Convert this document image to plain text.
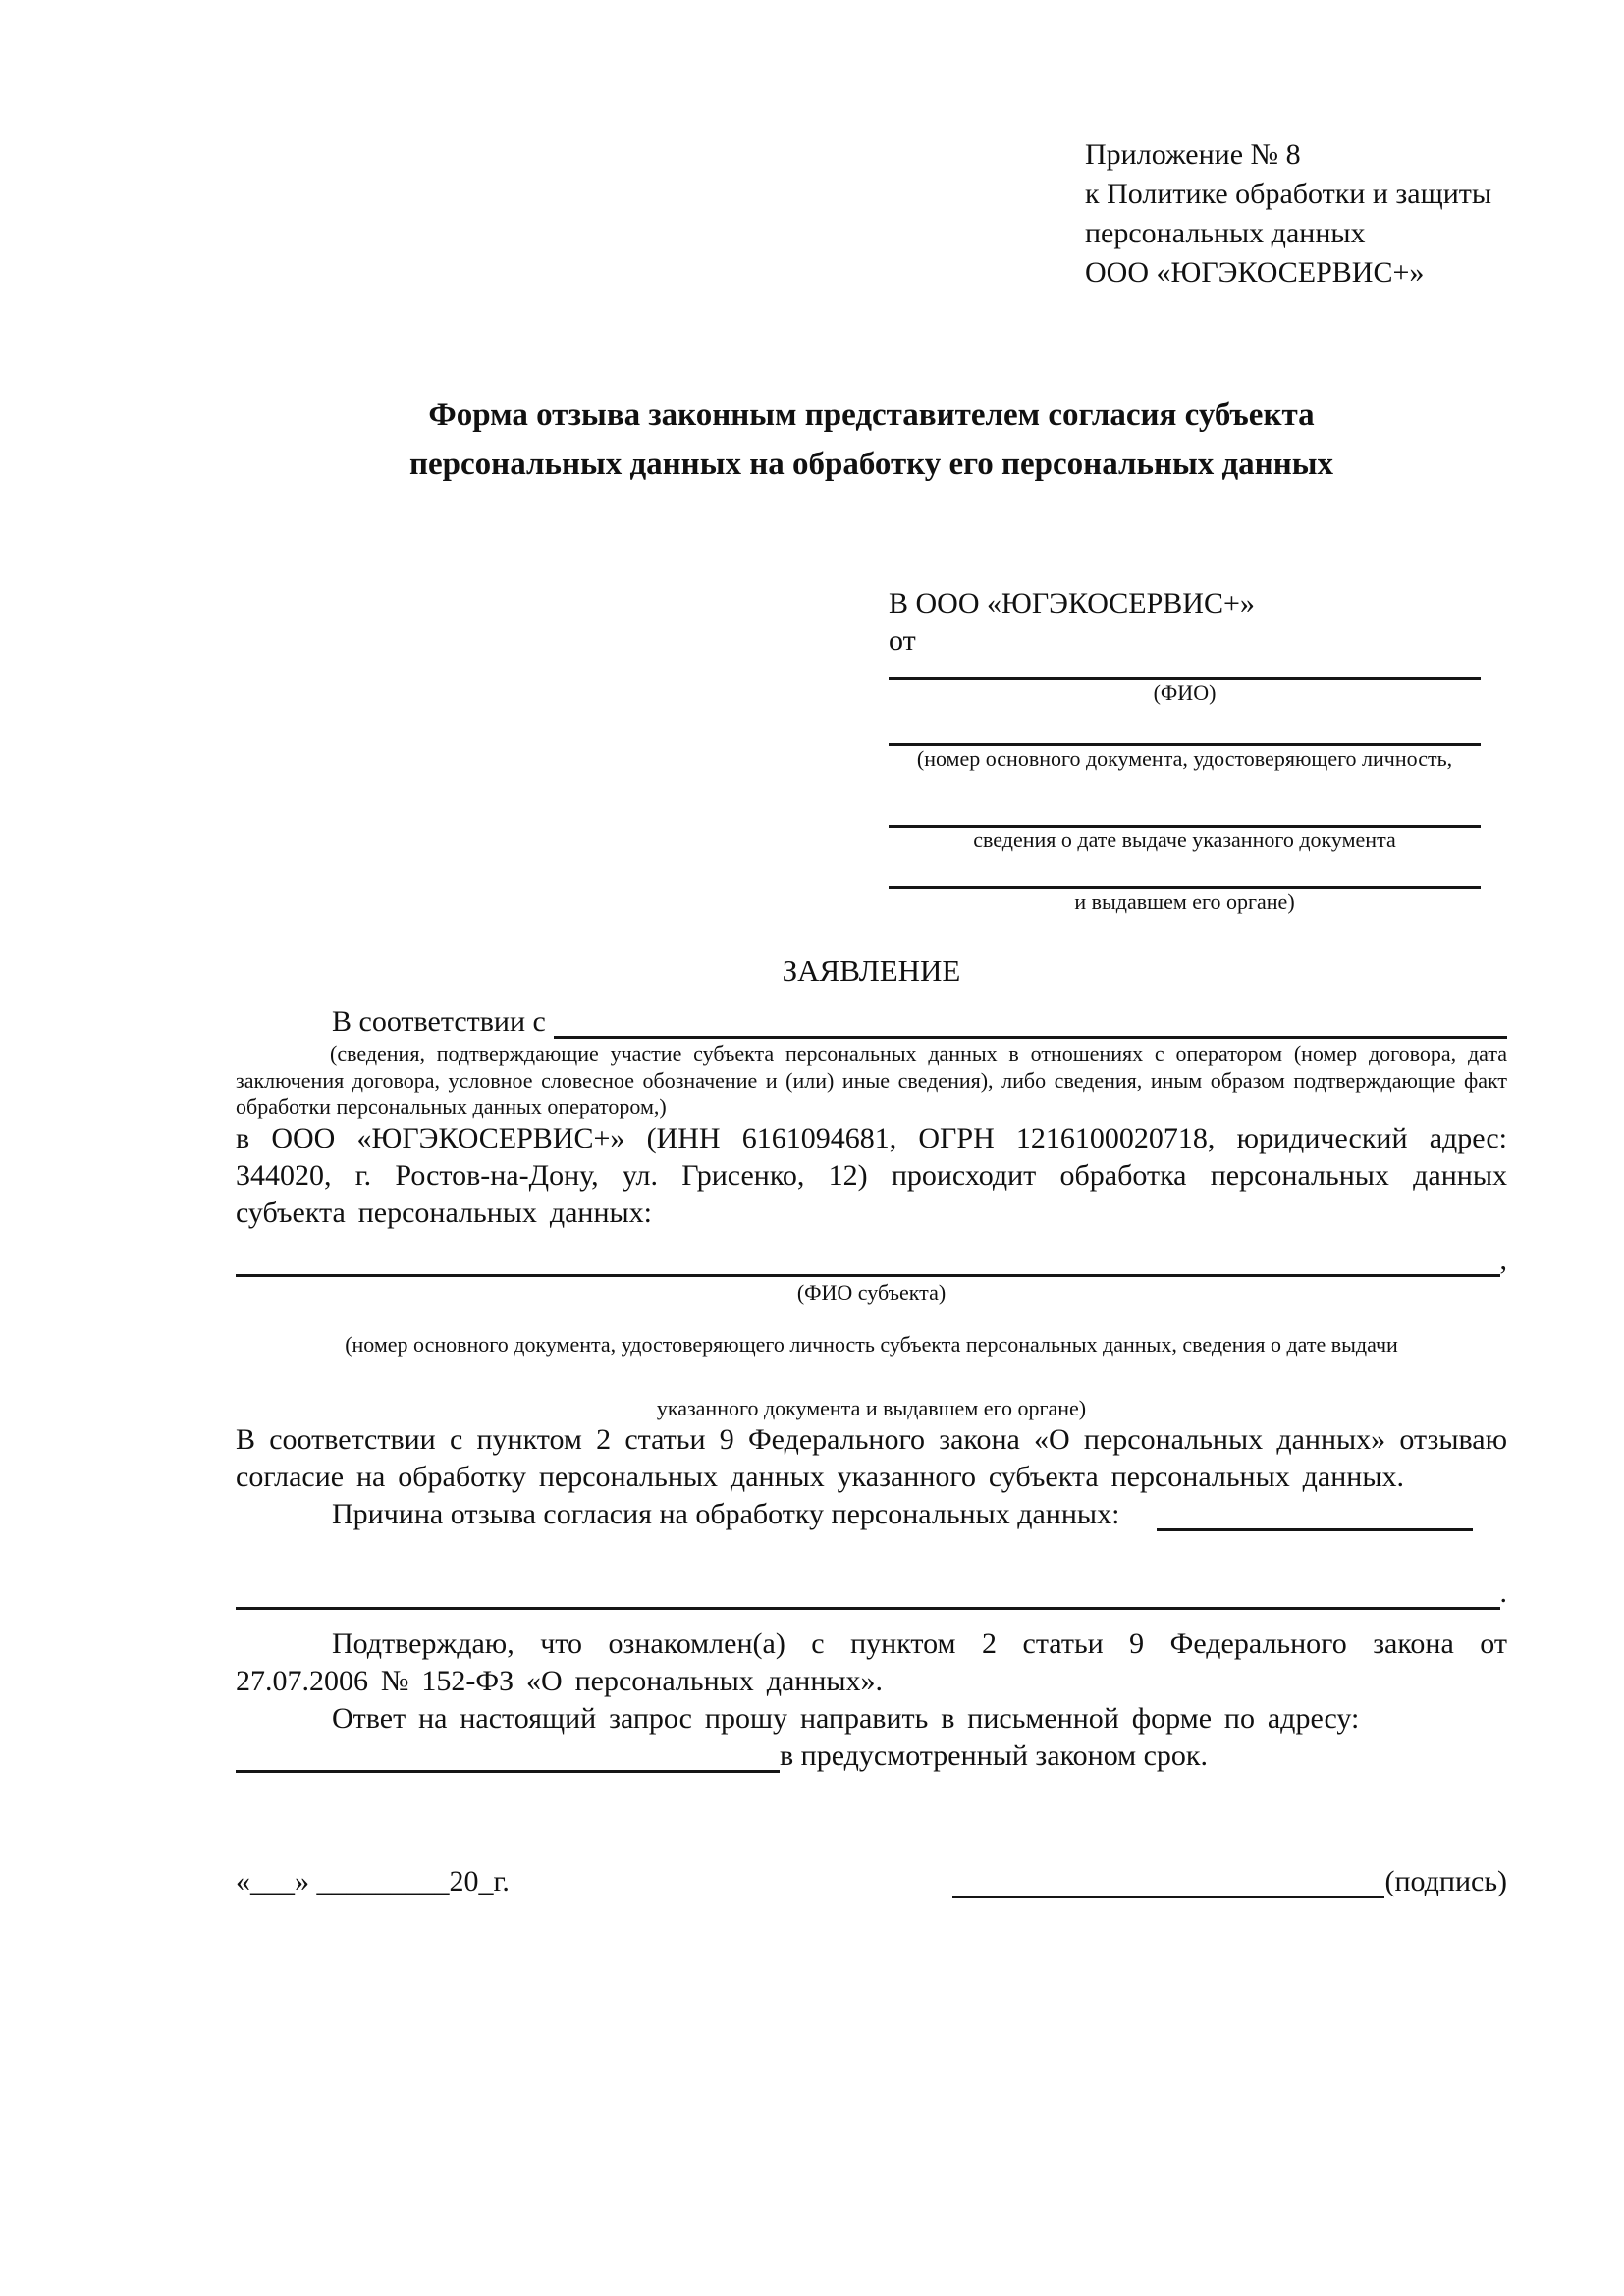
Приложение № 8
к Политике обработки и защиты
персональных данных
ООО «ЮГЭКОСЕРВИС+»
Форма отзыва законным представителем согласия субъекта
персональных данных на обработку его персональных данных
В ООО «ЮГЭКОСЕРВИС+»
от
(ФИО)
(номер основного документа, удостоверяющего личность,
сведения о дате выдаче указанного документа
и выдавшем его органе)
ЗАЯВЛЕНИЕ
В соответствии с

(сведения, подтверждающие участие субъекта персональных данных в отношениях с оператором (номер договора, дата заключения договора, условное словесное обозначение и (или) иные сведения), либо сведения, иным образом подтверждающие факт обработки персональных данных оператором,)

в ООО «ЮГЭКОСЕРВИС+» (ИНН 6161094681, ОГРН 1216100020718, юридический адрес: 344020, г. Ростов-на-Дону, ул. Грисенко, 12) происходит обработка персональных данных субъекта персональных данных:

,
(ФИО субъекта)
(номер основного документа, удостоверяющего личность субъекта персональных данных, сведения о дате выдачи
указанного документа и выдавшем его органе)

В соответствии с пунктом 2 статьи 9 Федерального закона «О персональных данных» отзываю согласие на обработку персональных данных указанного субъекта персональных данных.

Причина отзыва согласия на обработку персональных данных:
.

Подтверждаю, что ознакомлен(а) с пунктом 2 статьи 9 Федерального закона от 27.07.2006 № 152-ФЗ «О персональных данных».

Ответ на настоящий запрос прошу направить в письменной форме по адресу:

в предусмотренный законом срок.
«___» _________20_г.	(подпись)
